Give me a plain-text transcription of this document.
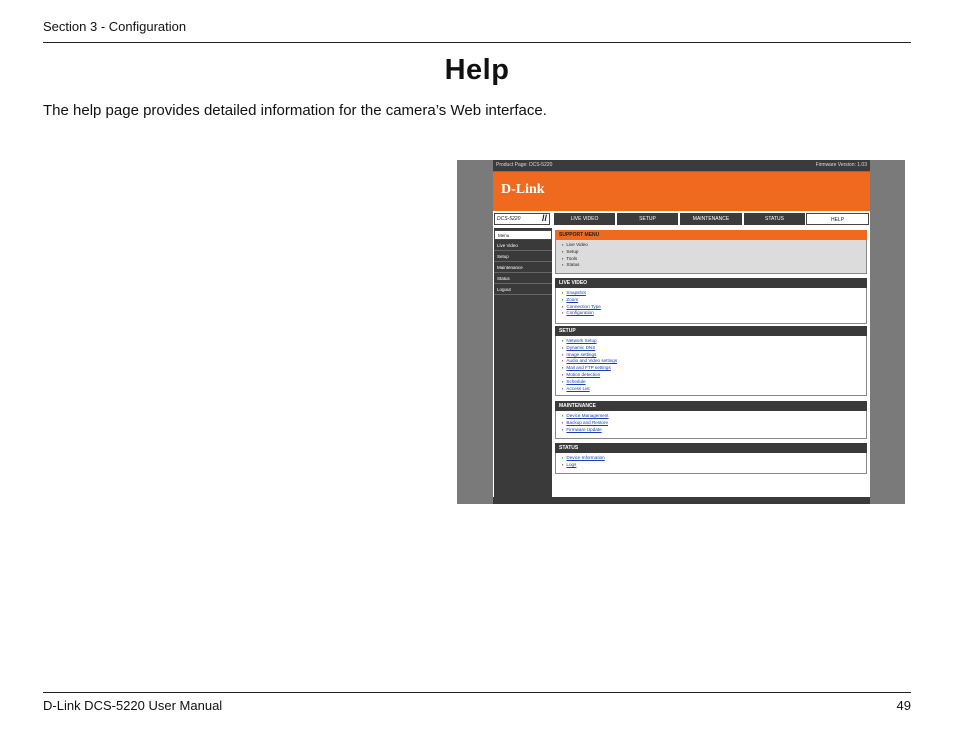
Section 3 - Configuration
Help

The help page provides detailed information for the camera’s Web interface.

Product Page: DCS-5220	Firmware Version: 1.03
D-Link
DCS-5220 //	LIVE VIDEO	SETUP	MAINTENANCE	STATUS	HELP
Menu
Live Video
Setup
Maintenance
Status
Logout
SUPPORT MENU
▪ Live Video
▪ Setup
▪ Tools
▪ Status
LIVE VIDEO
▪ Snapshot
▪ Zoom
▪ Connection Type
▪ Configuration
SETUP
▪ Network Setup
▪ Dynamic DNS
▪ Image settings
▪ Audio and Video settings
▪ Mail and FTP settings
▪ Motion detection
▪ Schedule
▪ Access List
MAINTENANCE
▪ Device Management
▪ Backup and Restore
▪ Firmware Update
STATUS
▪ Device Information
▪ Logs
D-Link DCS-5220 User Manual	49
